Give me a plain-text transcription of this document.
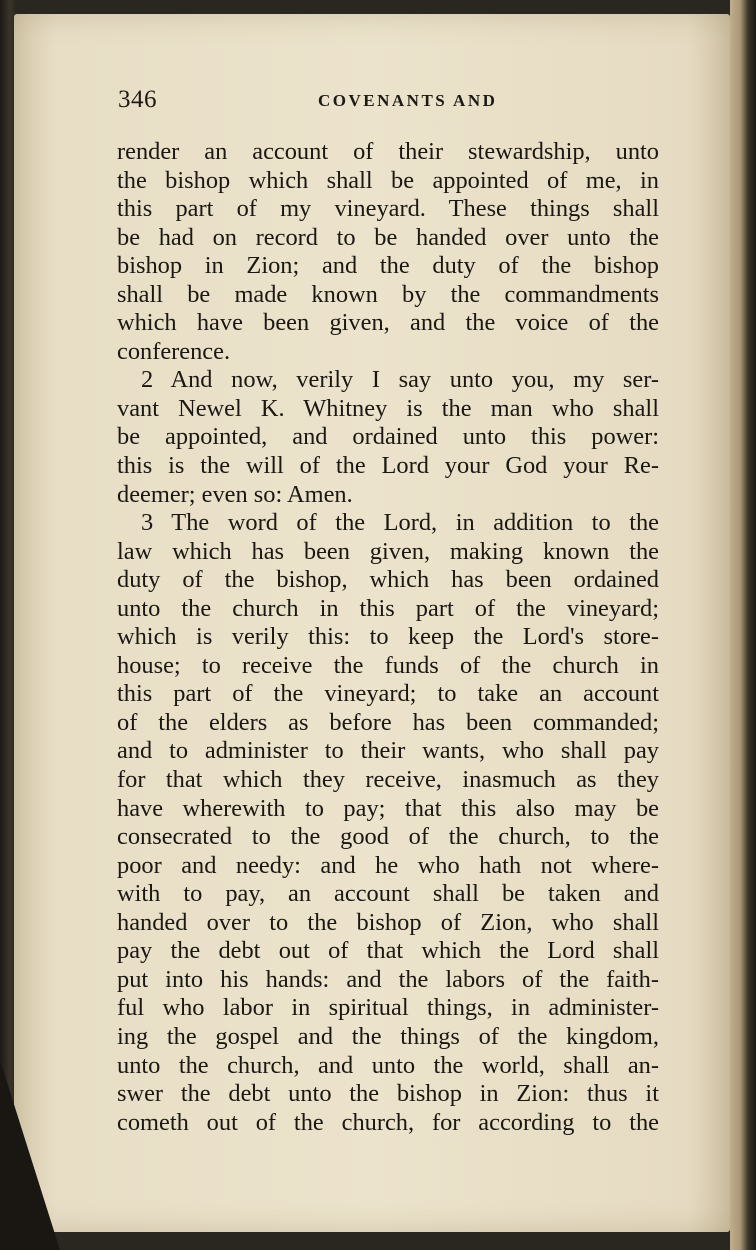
346	COVENANTS AND
render an account of their stewardship, unto
the bishop which shall be appointed of me, in
this part of my vineyard. These things shall
be had on record to be handed over unto the
bishop in Zion; and the duty of the bishop
shall be made known by the commandments
which have been given, and the voice of the
conference.
2 And now, verily I say unto you, my ser-
vant Newel K. Whitney is the man who shall
be appointed, and ordained unto this power:
this is the will of the Lord your God your Re-
deemer; even so: Amen.
3 The word of the Lord, in addition to the
law which has been given, making known the
duty of the bishop, which has been ordained
unto the church in this part of the vineyard;
which is verily this: to keep the Lord's store-
house; to receive the funds of the church in
this part of the vineyard; to take an account
of the elders as before has been commanded;
and to administer to their wants, who shall pay
for that which they receive, inasmuch as they
have wherewith to pay; that this also may be
consecrated to the good of the church, to the
poor and needy: and he who hath not where-
with to pay, an account shall be taken and
handed over to the bishop of Zion, who shall
pay the debt out of that which the Lord shall
put into his hands: and the labors of the faith-
ful who labor in spiritual things, in administer-
ing the gospel and the things of the kingdom,
unto the church, and unto the world, shall an-
swer the debt unto the bishop in Zion: thus it
cometh out of the church, for according to the
